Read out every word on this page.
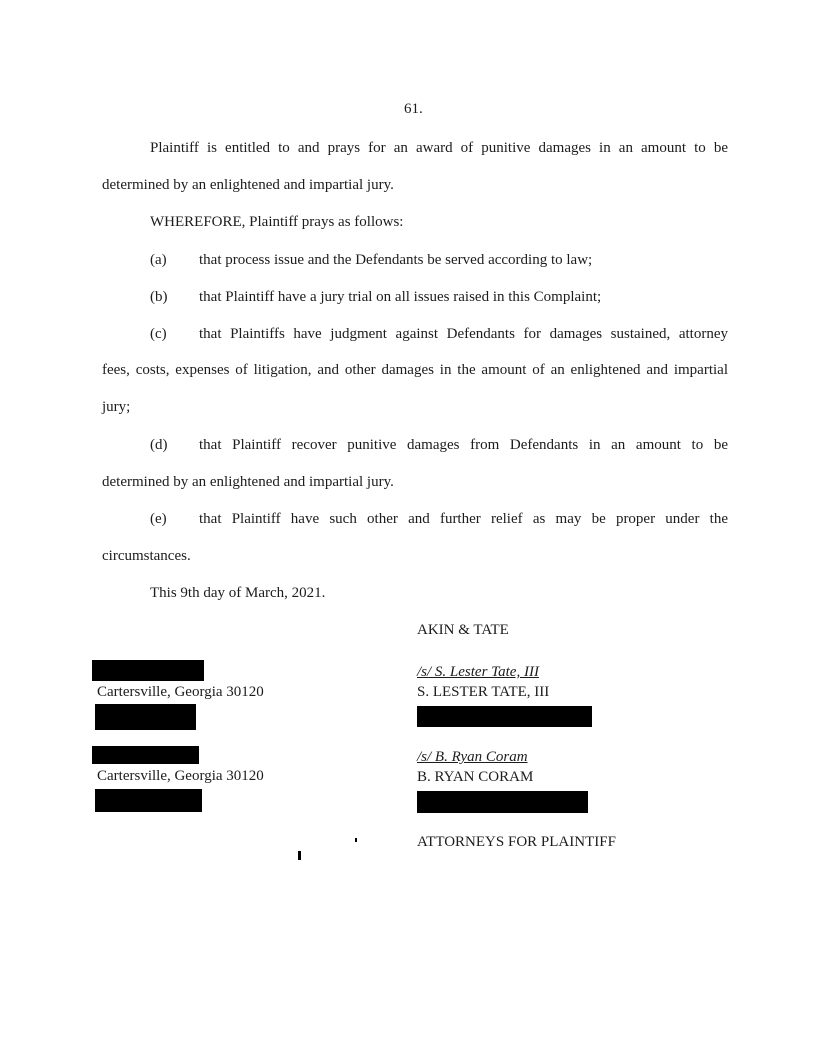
61.
Plaintiff is entitled to and prays for an award of punitive damages in an amount to be
determined by an enlightened and impartial jury.
WHEREFORE, Plaintiff prays as follows:
(a) that process issue and the Defendants be served according to law;
(b) that Plaintiff have a jury trial on all issues raised in this Complaint;
(c) that Plaintiffs have judgment against Defendants for damages sustained, attorney
fees, costs, expenses of litigation, and other damages in the amount of an enlightened and impartial
jury;
(d) that Plaintiff recover punitive damages from Defendants in an amount to be
determined by an enlightened and impartial jury.
(e) that Plaintiff have such other and further relief as may be proper under the
circumstances.
This 9th day of March, 2021.
AKIN & TATE
/s/ S. Lester Tate, III
S. LESTER TATE, III
/s/ B. Ryan Coram
B. RYAN CORAM
ATTORNEYS FOR PLAINTIFF
Cartersville, Georgia 30120
Cartersville, Georgia 30120
